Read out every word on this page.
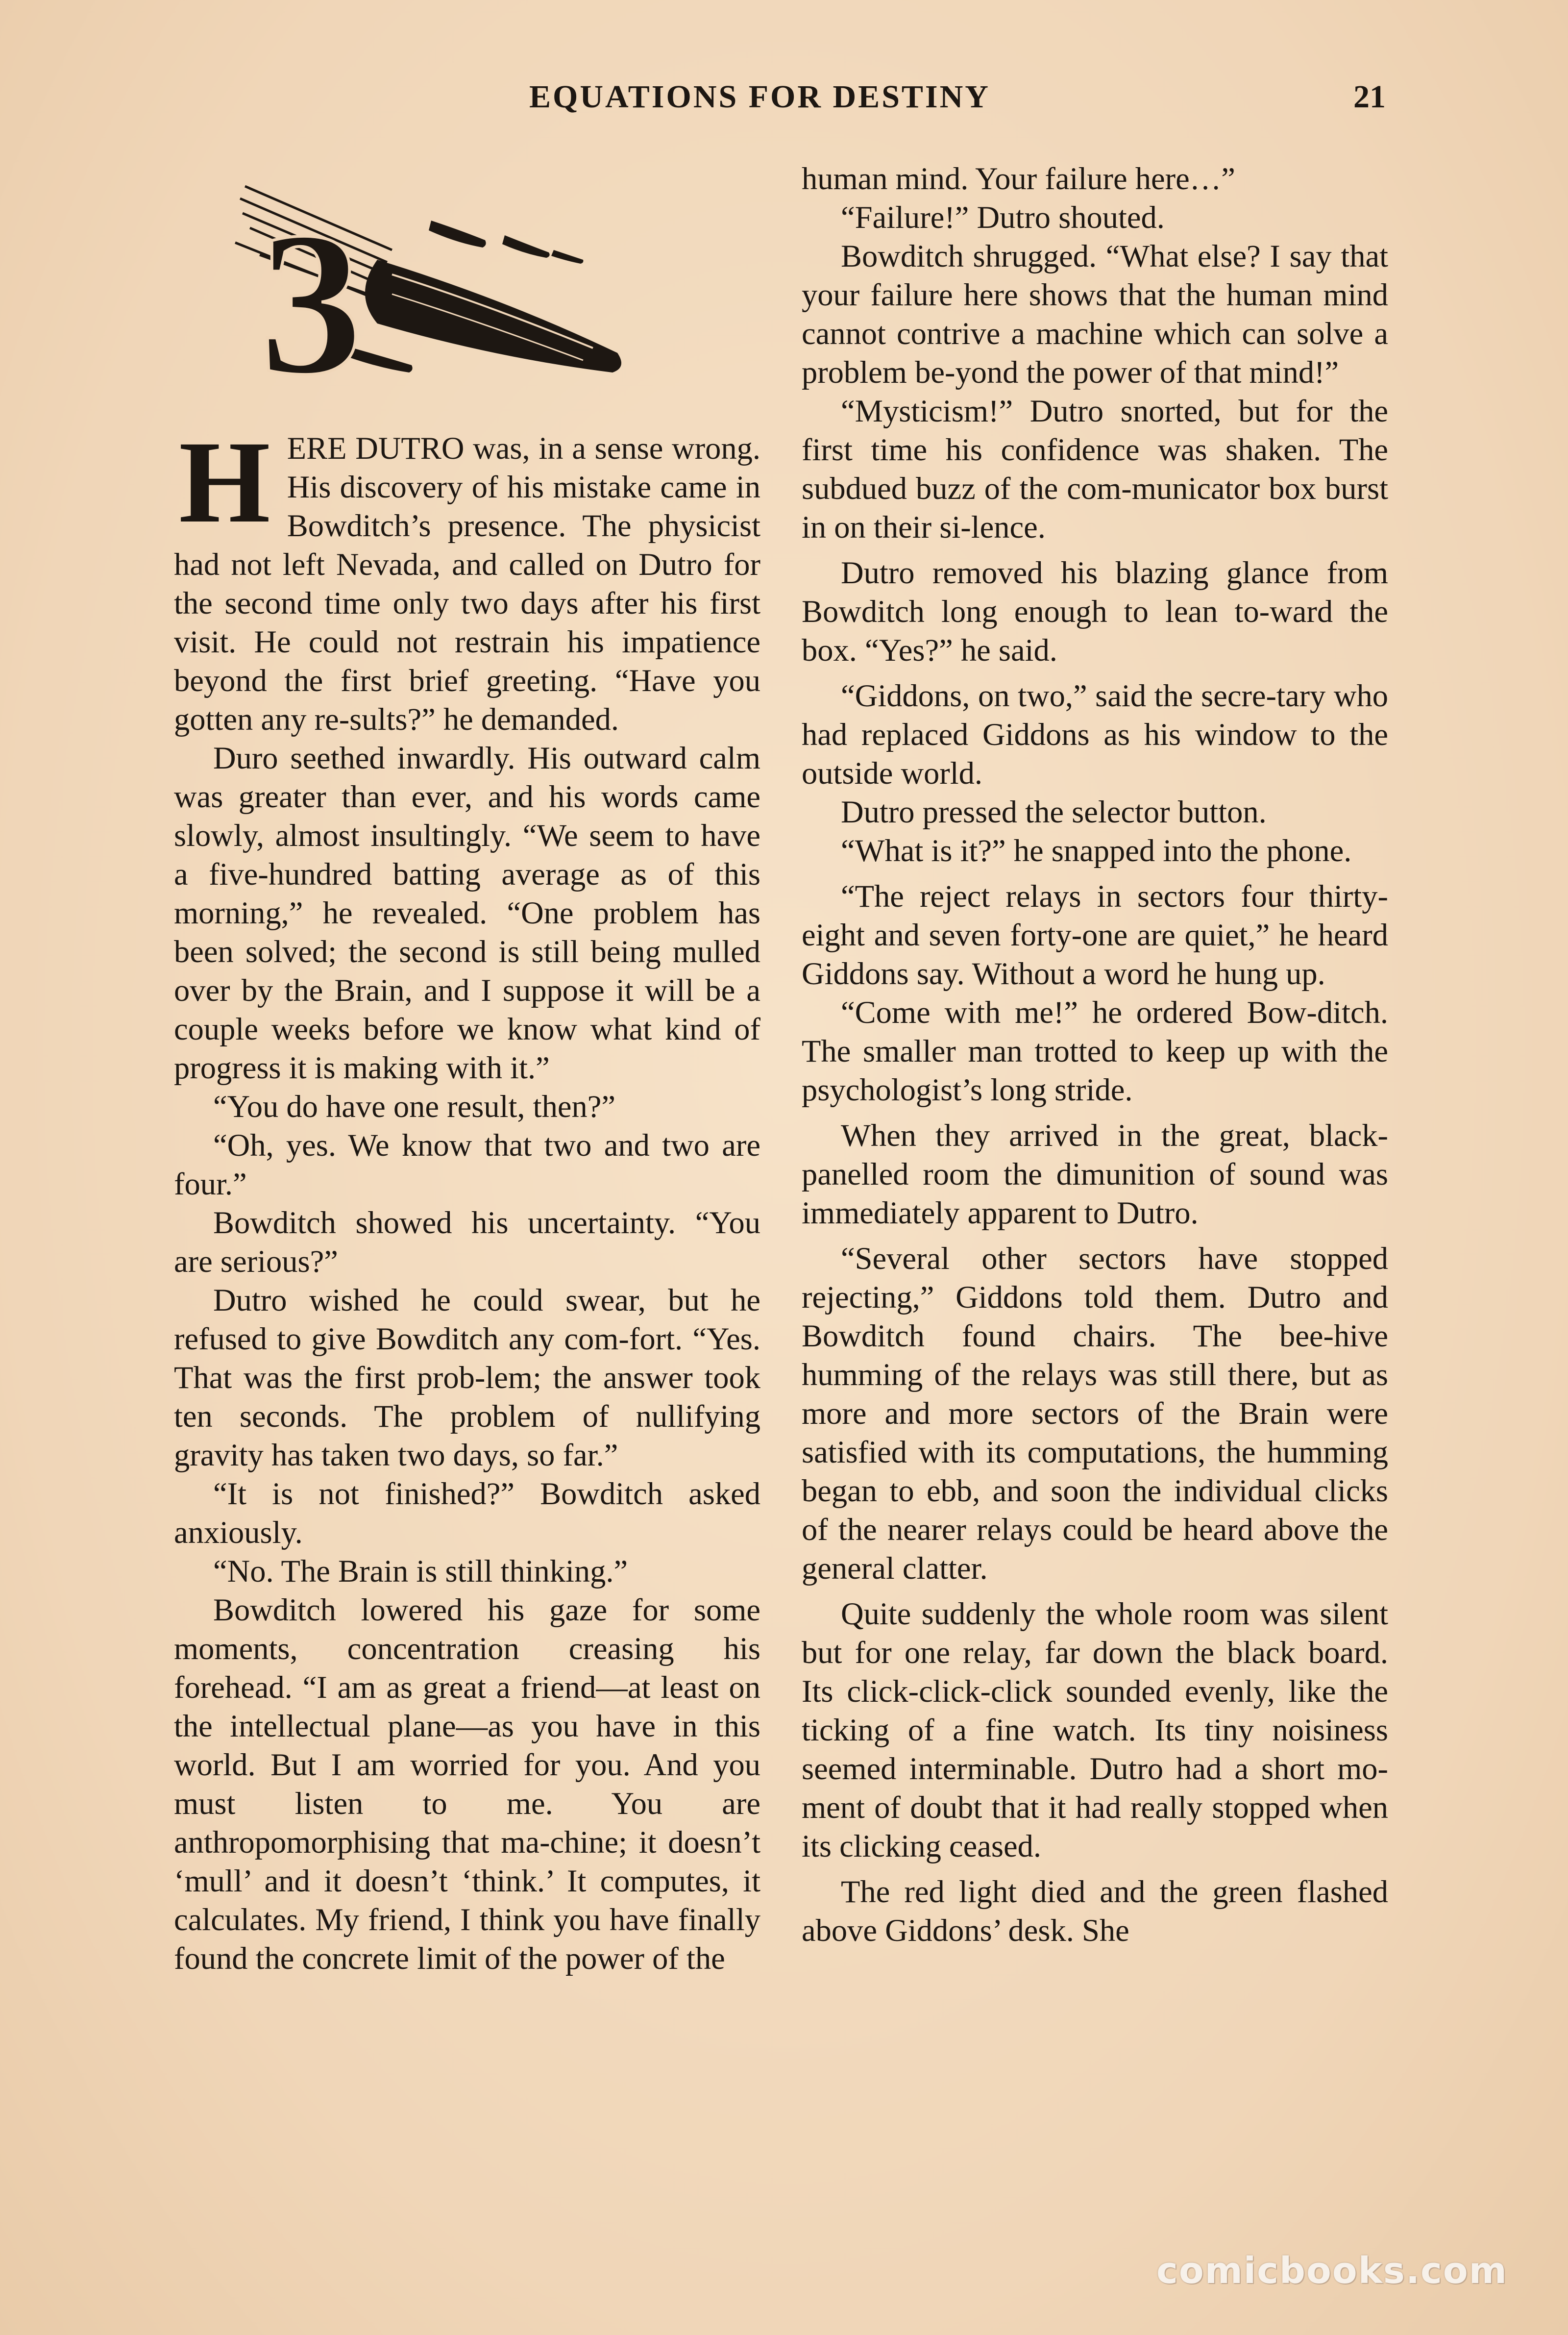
EQUATIONS FOR DESTINY	21
3

HERE DUTRO was, in a sense wrong. His discovery of his mistake came in Bowditch’s presence. The physicist had not left Nevada, and called on Dutro for the second time only two days after his first visit. He could not restrain his impatience beyond the first brief greeting. “Have you gotten any re-sults?” he demanded.

Duro seethed inwardly. His outward calm was greater than ever, and his words came slowly, almost insultingly. “We seem to have a five-hundred batting average as of this morning,” he revealed. “One problem has been solved; the second is still being mulled over by the Brain, and I suppose it will be a couple weeks before we know what kind of progress it is making with it.”

“You do have one result, then?”

“Oh, yes. We know that two and two are four.”

Bowditch showed his uncertainty. “You are serious?”

Dutro wished he could swear, but he refused to give Bowditch any com-fort. “Yes. That was the first prob-lem; the answer took ten seconds. The problem of nullifying gravity has taken two days, so far.”

“It is not finished?” Bowditch asked anxiously.

“No. The Brain is still thinking.”

Bowditch lowered his gaze for some moments, concentration creasing his forehead. “I am as great a friend—at least on the intellectual plane—as you have in this world. But I am worried for you. And you must listen to me. You are anthropomorphising that ma-chine; it doesn’t ‘mull’ and it doesn’t ‘think.’ It computes, it calculates. My friend, I think you have finally found the concrete limit of the power of the

human mind. Your failure here…”

“Failure!” Dutro shouted.

Bowditch shrugged. “What else? I say that your failure here shows that the human mind cannot contrive a machine which can solve a problem be-yond the power of that mind!”

“Mysticism!” Dutro snorted, but for the first time his confidence was shaken. The subdued buzz of the com-municator box burst in on their si-lence.

Dutro removed his blazing glance from Bowditch long enough to lean to-ward the box. “Yes?” he said.

“Giddons, on two,” said the secre-tary who had replaced Giddons as his window to the outside world.

Dutro pressed the selector button.

“What is it?” he snapped into the phone.

“The reject relays in sectors four thirty-eight and seven forty-one are quiet,” he heard Giddons say. Without a word he hung up.

“Come with me!” he ordered Bow-ditch. The smaller man trotted to keep up with the psychologist’s long stride.

When they arrived in the great, black-panelled room the dimunition of sound was immediately apparent to Dutro.

“Several other sectors have stopped rejecting,” Giddons told them. Dutro and Bowditch found chairs. The bee-hive humming of the relays was still there, but as more and more sectors of the Brain were satisfied with its computations, the humming began to ebb, and soon the individual clicks of the nearer relays could be heard above the general clatter.

Quite suddenly the whole room was silent but for one relay, far down the black board. Its click-click-click sounded evenly, like the ticking of a fine watch. Its tiny noisiness seemed interminable. Dutro had a short mo-ment of doubt that it had really stopped when its clicking ceased.

The red light died and the green flashed above Giddons’ desk. She

comicbooks.com
